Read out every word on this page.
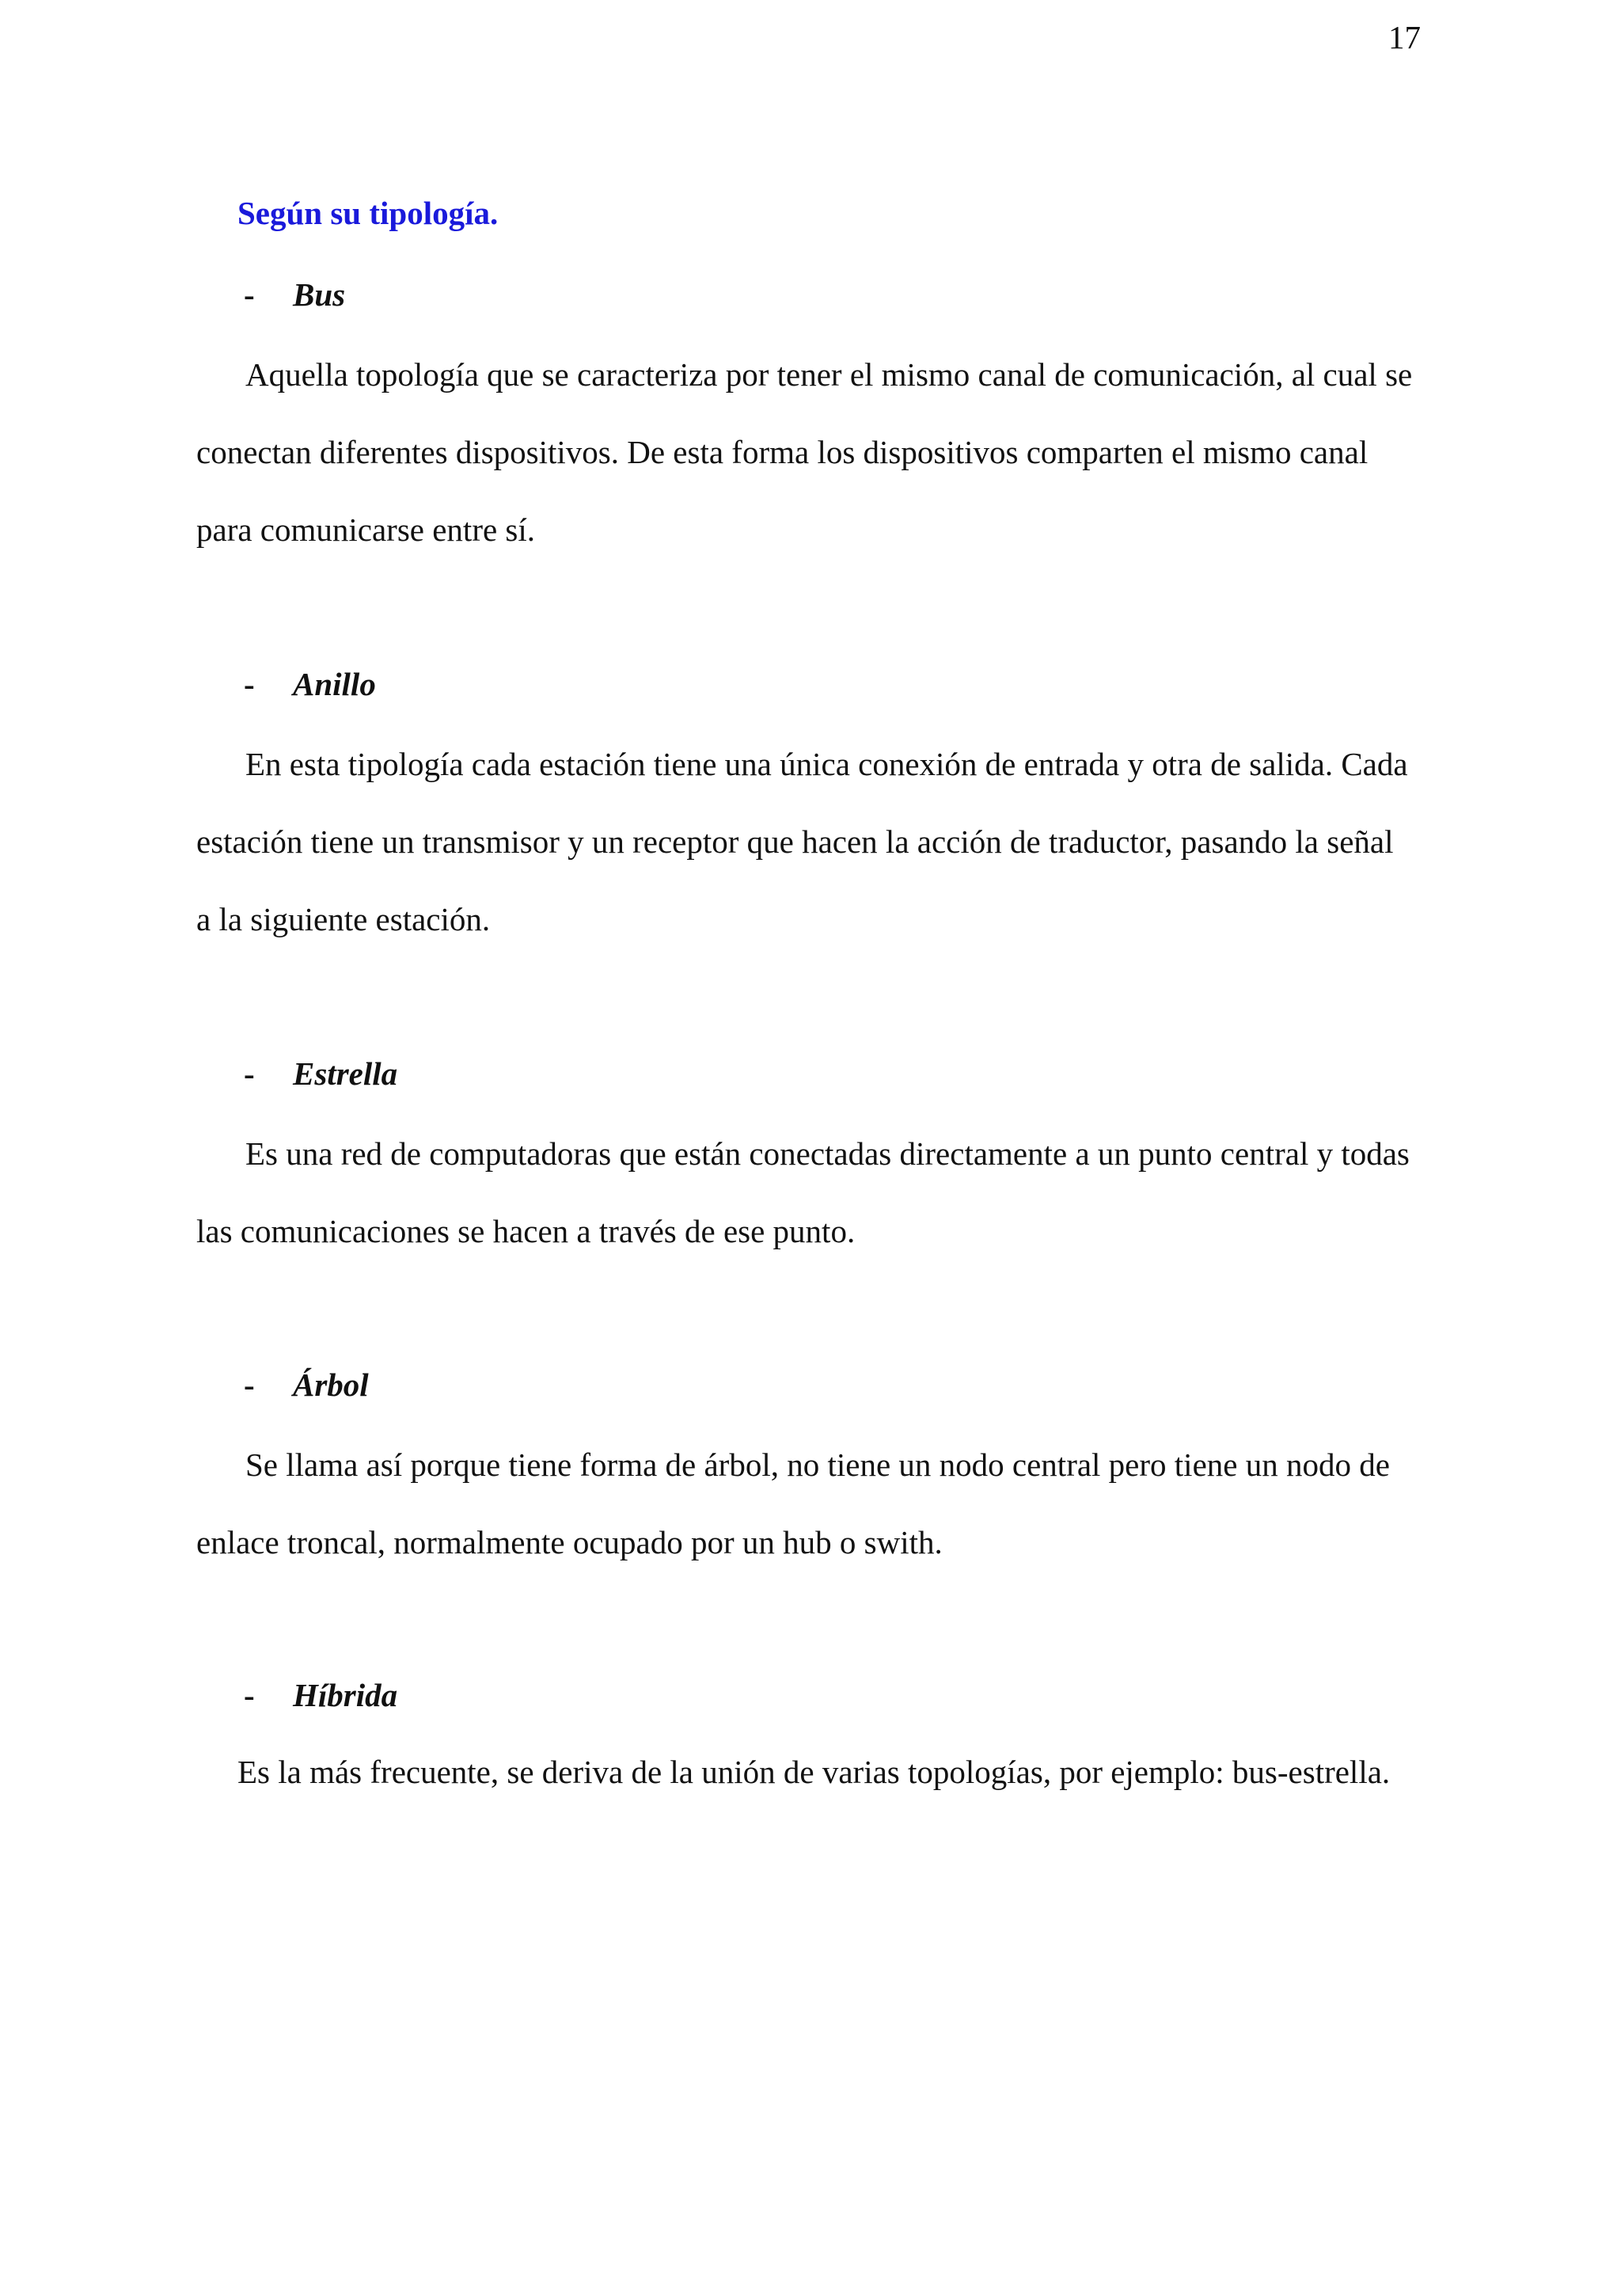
17
Según su tipología.
- Bus
Aquella topología que se caracteriza por tener el mismo canal de comunicación, al cual se
conectan diferentes dispositivos. De esta forma los dispositivos comparten el mismo canal
para comunicarse entre sí.
- Anillo
En esta tipología cada estación tiene una única conexión de entrada y otra de salida. Cada
estación tiene un transmisor y un receptor que hacen la acción de traductor, pasando la señal
a la siguiente estación.
- Estrella
Es una red de computadoras que están conectadas directamente a un punto central y todas
las comunicaciones se hacen a través de ese punto.
- Árbol
Se llama así porque tiene forma de árbol, no tiene un nodo central pero tiene un nodo de
enlace troncal, normalmente ocupado por un hub o swith.
- Híbrida
Es la más frecuente, se deriva de la unión de varias topologías, por ejemplo: bus-estrella.
